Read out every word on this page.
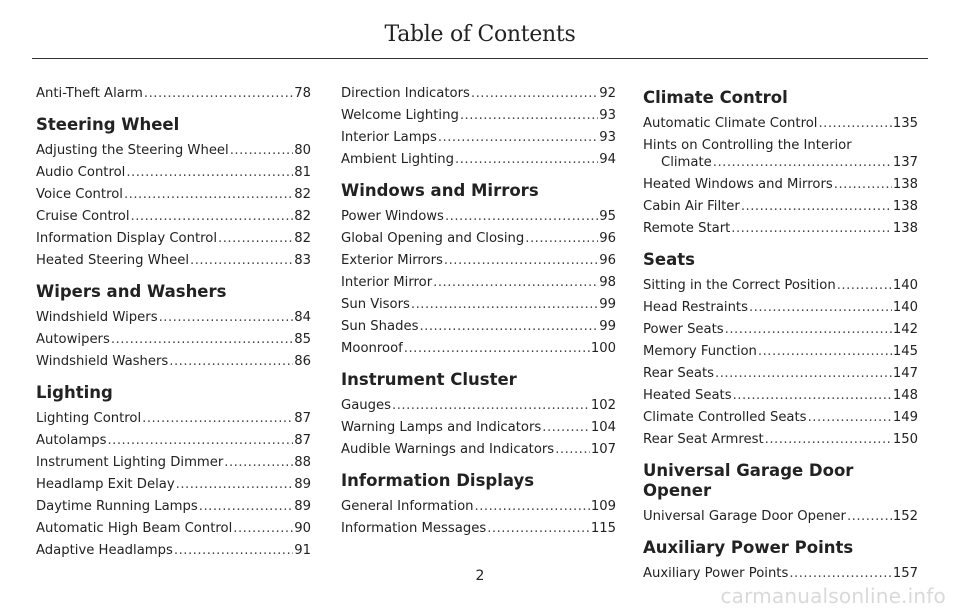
Table of Contents
Anti-Theft Alarm .....	78
Steering Wheel
Adjusting the Steering Wheel .....	80
Audio Control .....	81
Voice Control .....	82
Cruise Control .....	82
Information Display Control .....	82
Heated Steering Wheel .....	83
Wipers and Washers
Windshield Wipers .....	84
Autowipers .....	85
Windshield Washers .....	86
Lighting
Lighting Control .....	87
Autolamps .....	87
Instrument Lighting Dimmer .....	88
Headlamp Exit Delay .....	89
Daytime Running Lamps .....	89
Automatic High Beam Control .....	90
Adaptive Headlamps .....	91
Direction Indicators .....	92
Welcome Lighting .....	93
Interior Lamps .....	93
Ambient Lighting .....	94
Windows and Mirrors
Power Windows .....	95
Global Opening and Closing .....	96
Exterior Mirrors .....	96
Interior Mirror .....	98
Sun Visors .....	99
Sun Shades .....	99
Moonroof .....	100
Instrument Cluster
Gauges .....	102
Warning Lamps and Indicators .....	104
Audible Warnings and Indicators .....	107
Information Displays
General Information .....	109
Information Messages .....	115
Climate Control
Automatic Climate Control .....	135
Hints on Controlling the Interior
Climate .....	137
Heated Windows and Mirrors .....	138
Cabin Air Filter .....	138
Remote Start .....	138
Seats
Sitting in the Correct Position .....	140
Head Restraints .....	140
Power Seats .....	142
Memory Function .....	145
Rear Seats .....	147
Heated Seats .....	148
Climate Controlled Seats .....	149
Rear Seat Armrest .....	150
Universal Garage Door Opener
Universal Garage Door Opener .....	152
Auxiliary Power Points
Auxiliary Power Points .....	157
2
carmanualsonline.info
